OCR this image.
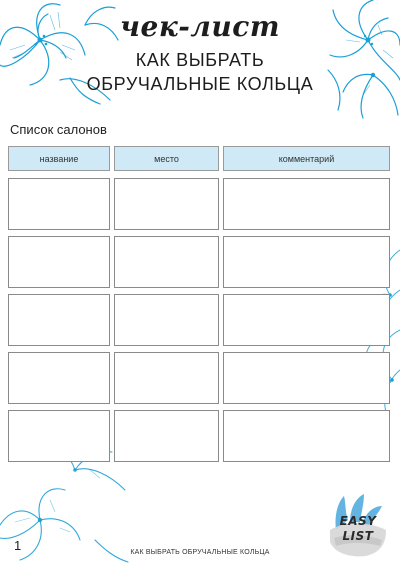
чек-лист
КАК ВЫБРАТЬ
ОБРУЧАЛЬНЫЕ КОЛЬЦА
Список салонов
название	место	комментарий
1	КАК ВЫБРАТЬ ОБРУЧАЛЬНЫЕ КОЛЬЦА
EASY
LIST
